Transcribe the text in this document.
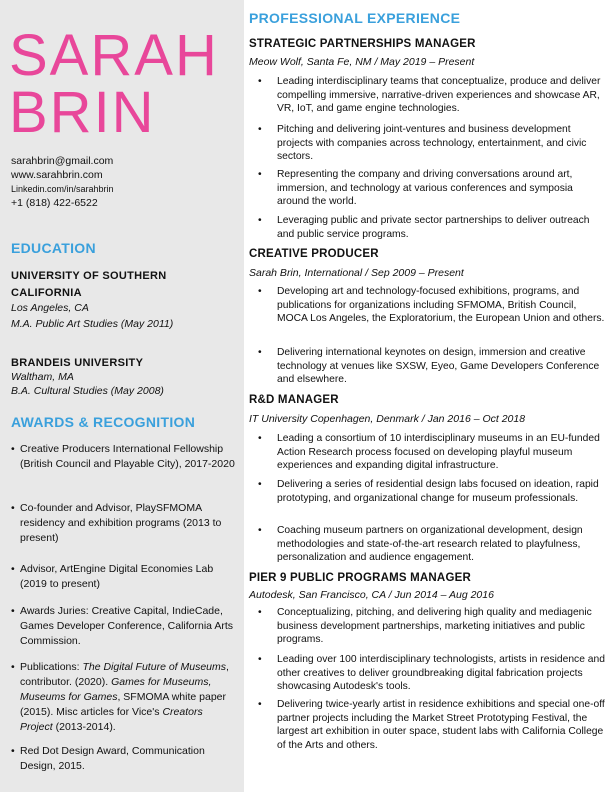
SARAH
BRIN
sarahbrin@gmail.com
www.sarahbrin.com
Linkedin.com/in/sarahbrin
+1 (818) 422-6522
EDUCATION
UNIVERSITY OF SOUTHERN
CALIFORNIA
Los Angeles, CA
M.A. Public Art Studies (May 2011)
BRANDEIS UNIVERSITY
Waltham, MA
B.A. Cultural Studies (May 2008)
AWARDS & RECOGNITION
• Creative Producers International Fellowship (British Council and Playable City), 2017-2020
• Co-founder and Advisor, PlaySFMOMA residency and exhibition programs (2013 to present)
• Advisor, ArtEngine Digital Economies Lab (2019 to present)
• Awards Juries: Creative Capital, IndieCade, Games Developer Conference, California Arts Commission.
• Publications: The Digital Future of Museums, contributor. (2020). Games for Museums, Museums for Games, SFMOMA white paper (2015). Misc articles for Vice's Creators Project (2013-2014).
• Red Dot Design Award, Communication Design, 2015.
PROFESSIONAL EXPERIENCE
STRATEGIC PARTNERSHIPS MANAGER
Meow Wolf, Santa Fe, NM / May 2019 – Present
• Leading interdisciplinary teams that conceptualize, produce and deliver compelling immersive, narrative-driven experiences and showcase AR, VR, IoT, and game engine technologies.
• Pitching and delivering joint-ventures and business development projects with companies across technology, entertainment, and civic sectors.
• Representing the company and driving conversations around art, immersion, and technology at various conferences and symposia around the world.
• Leveraging public and private sector partnerships to deliver outreach and public service programs.
CREATIVE PRODUCER
Sarah Brin, International / Sep 2009 – Present
• Developing art and technology-focused exhibitions, programs, and publications for organizations including SFMOMA, British Council, MOCA Los Angeles, the Exploratorium, the European Union and others.
• Delivering international keynotes on design, immersion and creative technology at venues like SXSW, Eyeo, Game Developers Conference and elsewhere.
R&D MANAGER
IT University Copenhagen, Denmark / Jan 2016 – Oct 2018
• Leading a consortium of 10 interdisciplinary museums in an EU-funded Action Research process focused on developing playful museum experiences and expanding digital infrastructure.
• Delivering a series of residential design labs focused on ideation, rapid prototyping, and organizational change for museum professionals.
• Coaching museum partners on organizational development, design methodologies and state-of-the-art research related to playfulness, personalization and audience engagement.
PIER 9 PUBLIC PROGRAMS MANAGER
Autodesk, San Francisco, CA / Jun 2014 – Aug 2016
• Conceptualizing, pitching, and delivering high quality and mediagenic business development partnerships, marketing initiatives and public programs.
• Leading over 100 interdisciplinary technologists, artists in residence and other creatives to deliver groundbreaking digital fabrication projects showcasing Autodesk's tools.
• Delivering twice-yearly artist in residence exhibitions and special one-off partner projects including the Market Street Prototyping Festival, the largest art exhibition in outer space, student labs with California College of the Arts and others.
